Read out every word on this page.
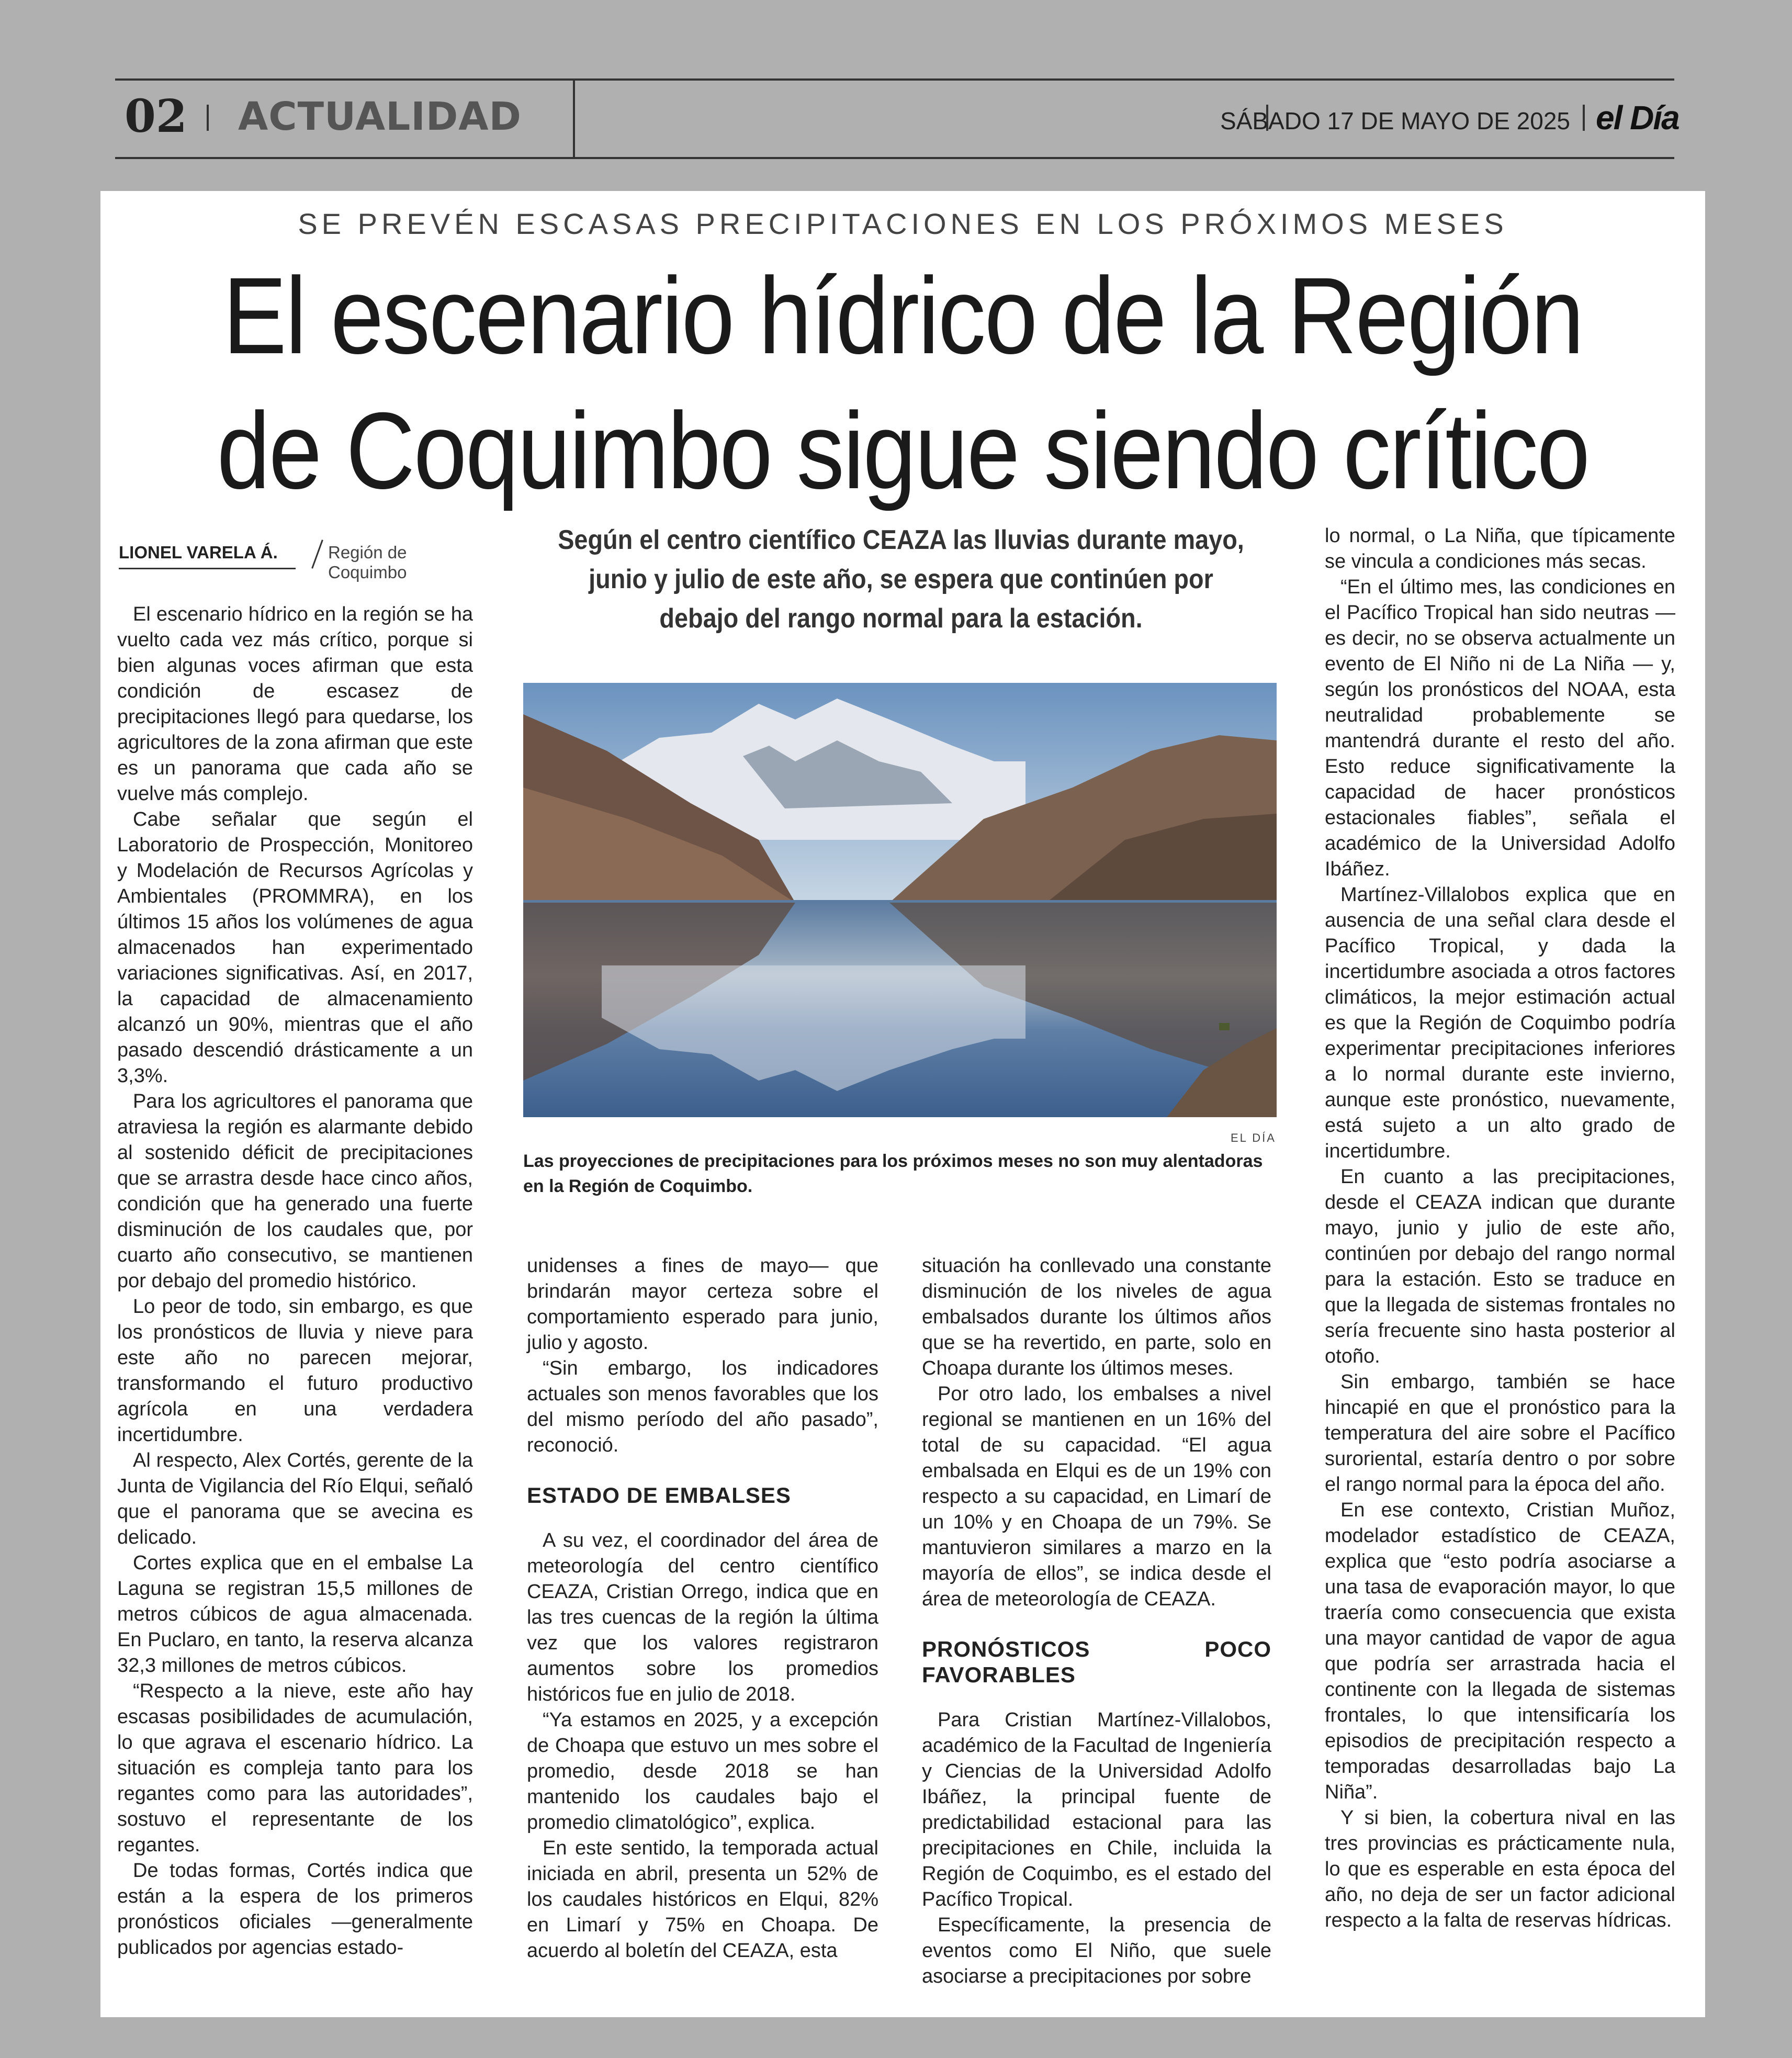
02 ACTUALIDAD	SÁBADO 17 DE MAYO DE 2025 el Día
SE PREVÉN ESCASAS PRECIPITACIONES EN LOS PRÓXIMOS MESES
El escenario hídrico de la Región
de Coquimbo sigue siendo crítico
LIONEL VARELA Á.	Región de Coquimbo

El escenario hídrico en la región se ha vuelto cada vez más crítico, porque si bien algunas voces afirman que esta condición de escasez de precipitaciones llegó para quedarse, los agricultores de la zona afirman que este es un panorama que cada año se vuelve más complejo.

Cabe señalar que según el Laboratorio de Prospección, Monitoreo y Modelación de Recursos Agrícolas y Ambientales (PROMMRA), en los últimos 15 años los volúmenes de agua almacenados han experimentado variaciones significativas. Así, en 2017, la capacidad de almacenamiento alcanzó un 90%, mientras que el año pasado descendió drásticamente a un 3,3%.

Para los agricultores el panorama que atraviesa la región es alarmante debido al sostenido déficit de precipitaciones que se arrastra desde hace cinco años, condición que ha generado una fuerte disminución de los caudales que, por cuarto año consecutivo, se mantienen por debajo del promedio histórico.

Lo peor de todo, sin embargo, es que los pronósticos de lluvia y nieve para este año no parecen mejorar, transformando el futuro productivo agrícola en una verdadera incertidumbre.

Al respecto, Alex Cortés, gerente de la Junta de Vigilancia del Río Elqui, señaló que el panorama que se avecina es delicado.

Cortes explica que en el embalse La Laguna se registran 15,5 millones de metros cúbicos de agua almacenada. En Puclaro, en tanto, la reserva alcanza 32,3 millones de metros cúbicos.

“Respecto a la nieve, este año hay escasas posibilidades de acumulación, lo que agrava el escenario hídrico. La situación es compleja tanto para los regantes como para las autoridades”, sostuvo el representante de los regantes.

De todas formas, Cortés indica que están a la espera de los primeros pronósticos oficiales —generalmente publicados por agencias estado-

Según el centro científico CEAZA las lluvias durante mayo, junio y julio de este año, se espera que continúen por debajo del rango normal para la estación.
EL DÍA
Las proyecciones de precipitaciones para los próximos meses no son muy alentadoras en la Región de Coquimbo.

unidenses a fines de mayo— que brindarán mayor certeza sobre el comportamiento esperado para junio, julio y agosto.

“Sin embargo, los indicadores actuales son menos favorables que los del mismo período del año pasado”, reconoció.

ESTADO DE EMBALSES

A su vez, el coordinador del área de meteorología del centro científico CEAZA, Cristian Orrego, indica que en las tres cuencas de la región la última vez que los valores registraron aumentos sobre los promedios históricos fue en julio de 2018.

“Ya estamos en 2025, y a excepción de Choapa que estuvo un mes sobre el promedio, desde 2018 se han mantenido los caudales bajo el promedio climatológico”, explica.

En este sentido, la temporada actual iniciada en abril, presenta un 52% de los caudales históricos en Elqui, 82% en Limarí y 75% en Choapa. De acuerdo al boletín del CEAZA, esta

situación ha conllevado una constante disminución de los niveles de agua embalsados durante los últimos años que se ha revertido, en parte, solo en Choapa durante los últimos meses.

Por otro lado, los embalses a nivel regional se mantienen en un 16% del total de su capacidad. “El agua embalsada en Elqui es de un 19% con respecto a su capacidad, en Limarí de un 10% y en Choapa de un 79%. Se mantuvieron similares a marzo en la mayoría de ellos”, se indica desde el área de meteorología de CEAZA.

PRONÓSTICOS POCO FAVORABLES

Para Cristian Martínez-Villalobos, académico de la Facultad de Ingeniería y Ciencias de la Universidad Adolfo Ibáñez, la principal fuente de predictabilidad estacional para las precipitaciones en Chile, incluida la Región de Coquimbo, es el estado del Pacífico Tropical.

Específicamente, la presencia de eventos como El Niño, que suele asociarse a precipitaciones por sobre

lo normal, o La Niña, que típicamente se vincula a condiciones más secas.

“En el último mes, las condiciones en el Pacífico Tropical han sido neutras — es decir, no se observa actualmente un evento de El Niño ni de La Niña — y, según los pronósticos del NOAA, esta neutralidad probablemente se mantendrá durante el resto del año. Esto reduce significativamente la capacidad de hacer pronósticos estacionales fiables”, señala el académico de la Universidad Adolfo Ibáñez.

Martínez-Villalobos explica que en ausencia de una señal clara desde el Pacífico Tropical, y dada la incertidumbre asociada a otros factores climáticos, la mejor estimación actual es que la Región de Coquimbo podría experimentar precipitaciones inferiores a lo normal durante este invierno, aunque este pronóstico, nuevamente, está sujeto a un alto grado de incertidumbre.

En cuanto a las precipitaciones, desde el CEAZA indican que durante mayo, junio y julio de este año, continúen por debajo del rango normal para la estación. Esto se traduce en que la llegada de sistemas frontales no sería frecuente sino hasta posterior al otoño.

Sin embargo, también se hace hincapié en que el pronóstico para la temperatura del aire sobre el Pacífico suroriental, estaría dentro o por sobre el rango normal para la época del año.

En ese contexto, Cristian Muñoz, modelador estadístico de CEAZA, explica que “esto podría asociarse a una tasa de evaporación mayor, lo que traería como consecuencia que exista una mayor cantidad de vapor de agua que podría ser arrastrada hacia el continente con la llegada de sistemas frontales, lo que intensificaría los episodios de precipitación respecto a temporadas desarrolladas bajo La Niña”.

Y si bien, la cobertura nival en las tres provincias es prácticamente nula, lo que es esperable en esta época del año, no deja de ser un factor adicional respecto a la falta de reservas hídricas.
